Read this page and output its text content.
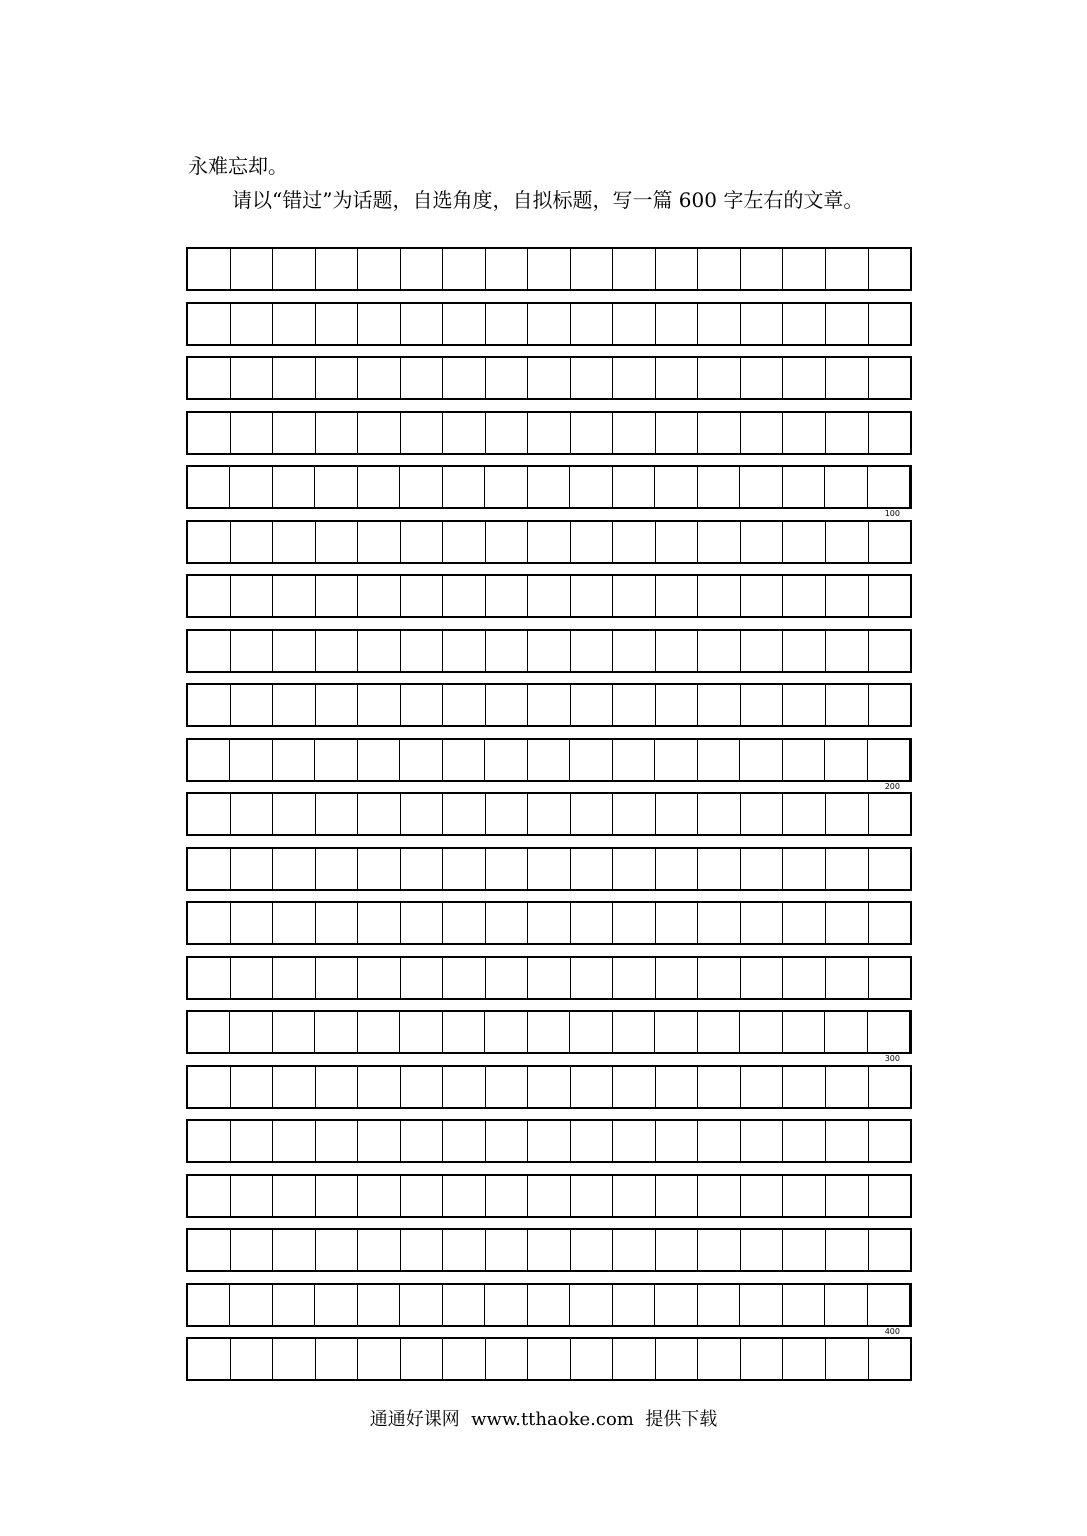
永难忘却。
请以“错过”为话题，自选角度，自拟标题，写一篇 600 字左右的文章。
100
200
300
400
通通好课网  www.tthaoke.com  提供下载
